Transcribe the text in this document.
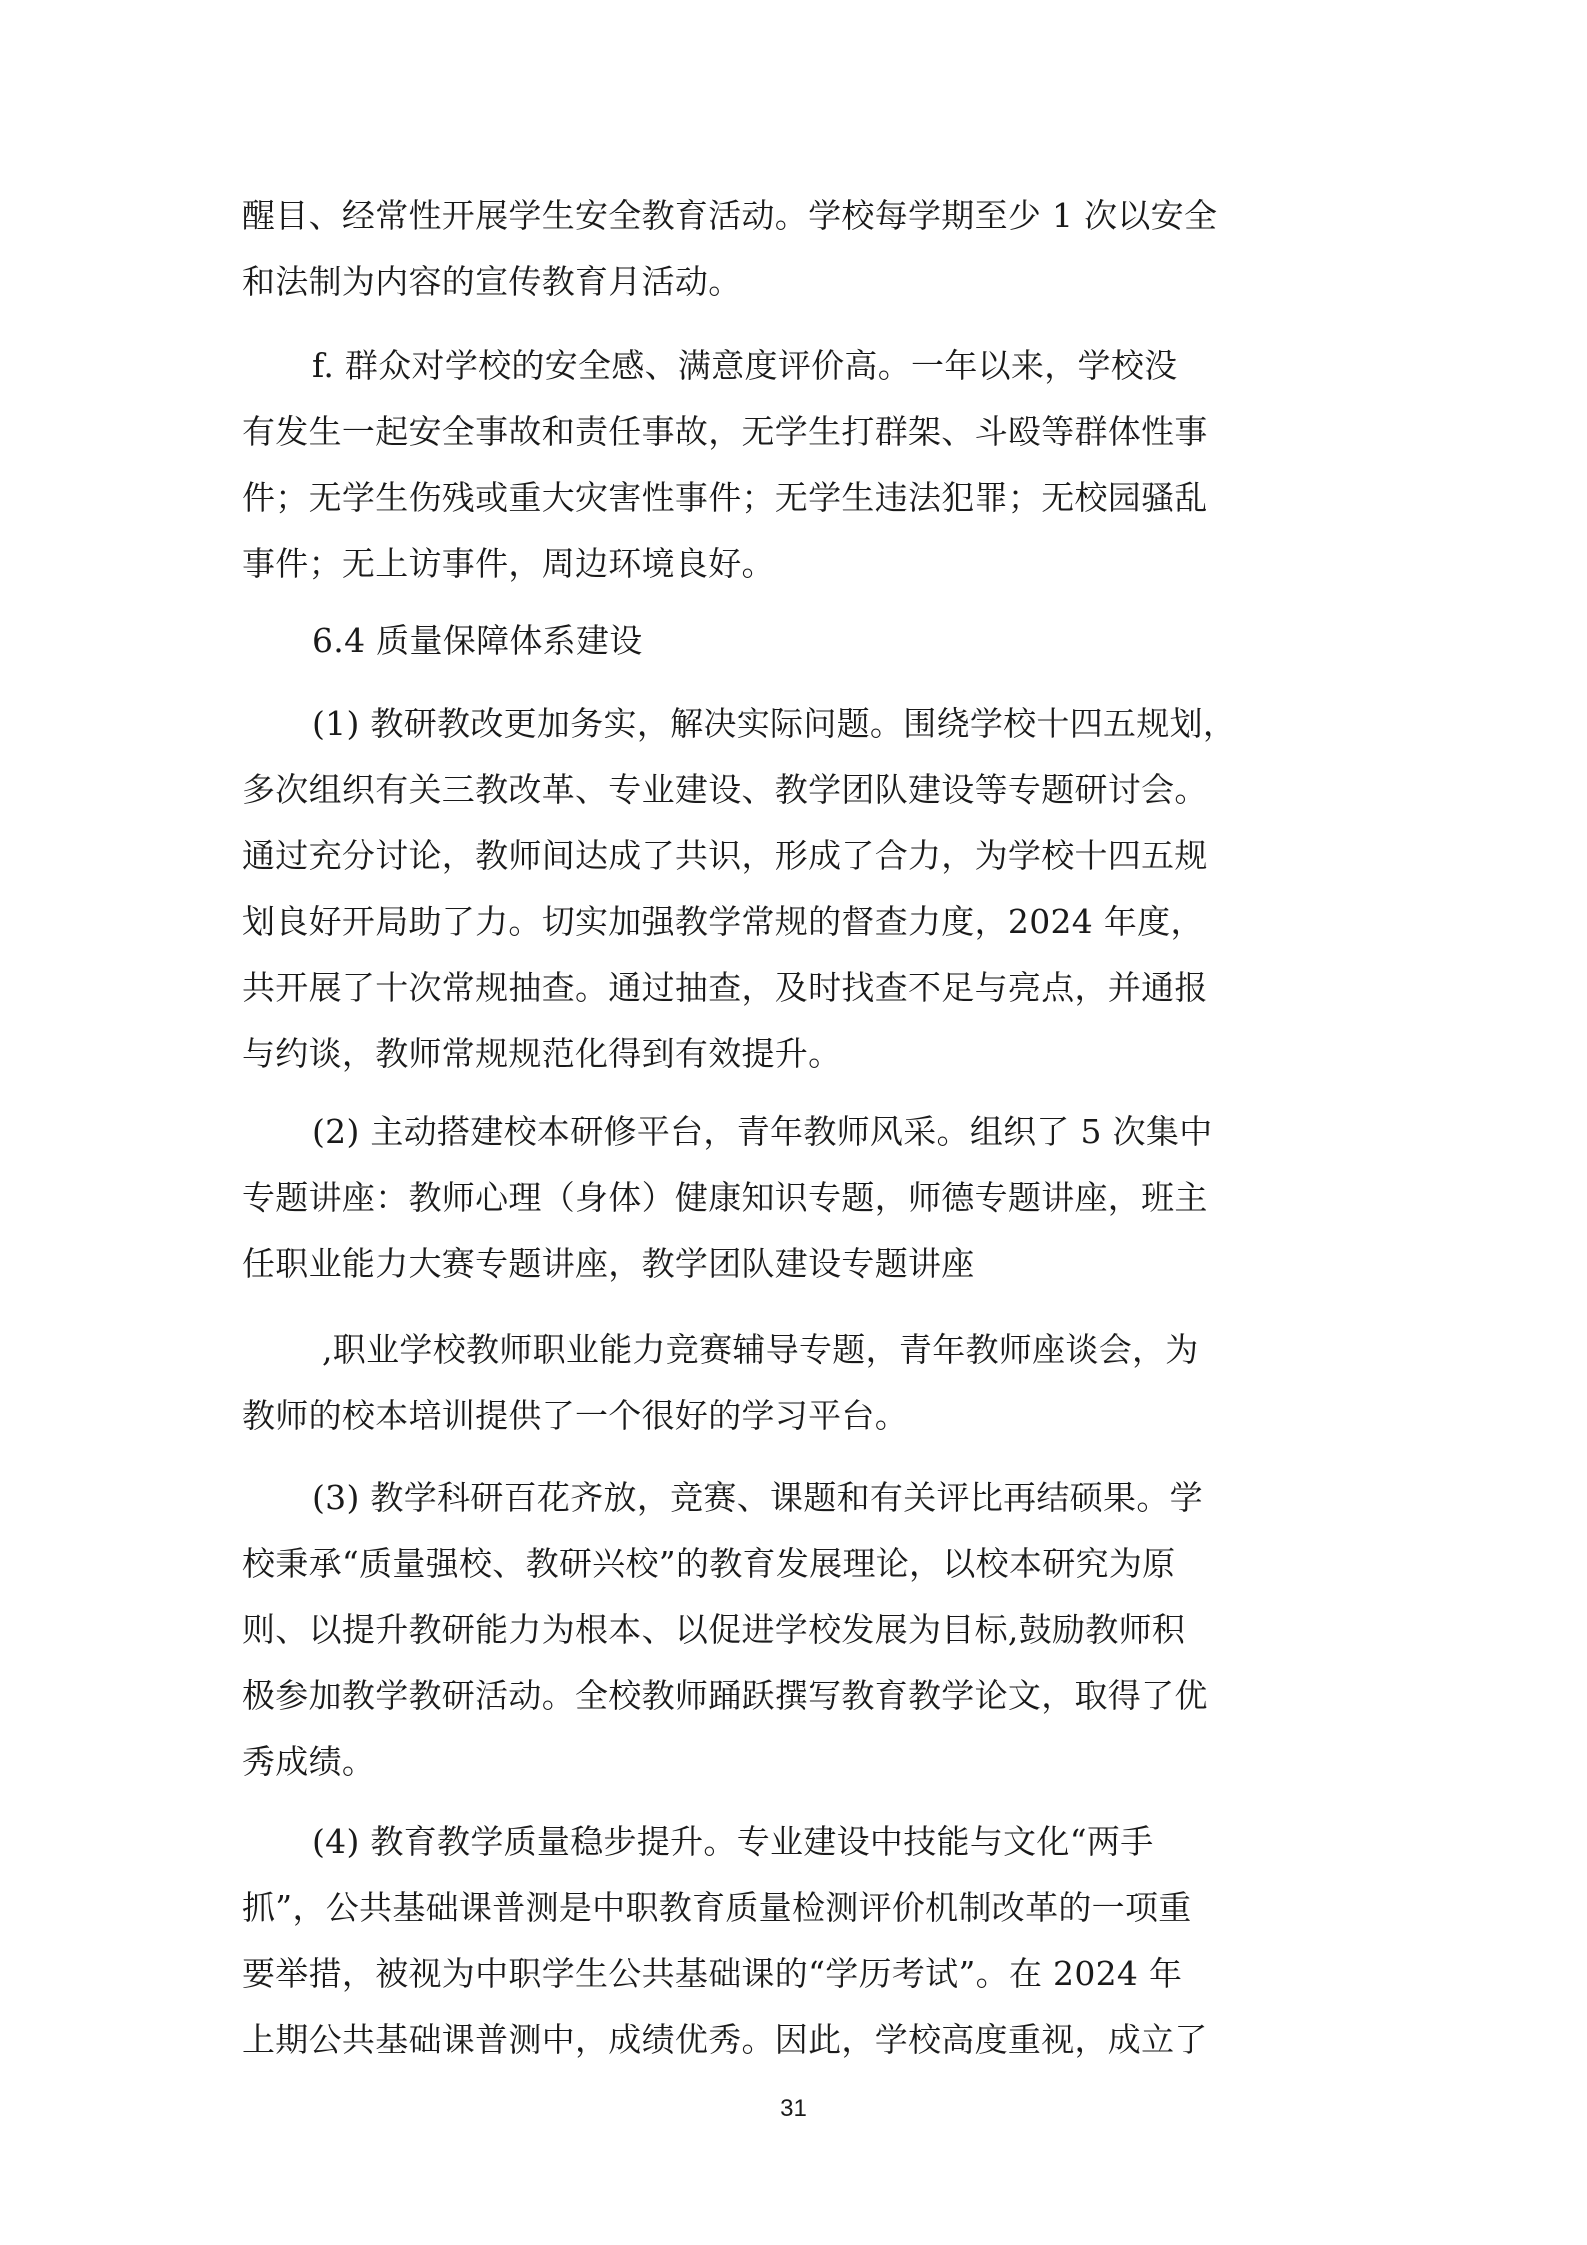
醒目、经常性开展学生安全教育活动。学校每学期至少 1 次以安全
和法制为内容的宣传教育月活动。
f. 群众对学校的安全感、满意度评价高。一年以来，学校没
有发生一起安全事故和责任事故，无学生打群架、斗殴等群体性事
件；无学生伤残或重大灾害性事件；无学生违法犯罪；无校园骚乱
事件；无上访事件，周边环境良好。
6.4 质量保障体系建设
(1) 教研教改更加务实，解决实际问题。围绕学校十四五规划，
多次组织有关三教改革、专业建设、教学团队建设等专题研讨会。
通过充分讨论，教师间达成了共识，形成了合力，为学校十四五规
划良好开局助了力。切实加强教学常规的督查力度，2024 年度，
共开展了十次常规抽查。通过抽查，及时找查不足与亮点，并通报
与约谈，教师常规规范化得到有效提升。
(2) 主动搭建校本研修平台，青年教师风采。组织了 5 次集中
专题讲座：教师心理（身体）健康知识专题，师德专题讲座，班主
任职业能力大赛专题讲座，教学团队建设专题讲座
,职业学校教师职业能力竞赛辅导专题，青年教师座谈会，为
教师的校本培训提供了一个很好的学习平台。
(3) 教学科研百花齐放，竞赛、课题和有关评比再结硕果。学
校秉承“质量强校、教研兴校”的教育发展理论，以校本研究为原
则、以提升教研能力为根本、以促进学校发展为目标,鼓励教师积
极参加教学教研活动。全校教师踊跃撰写教育教学论文，取得了优
秀成绩。
(4) 教育教学质量稳步提升。专业建设中技能与文化“两手
抓”，公共基础课普测是中职教育质量检测评价机制改革的一项重
要举措，被视为中职学生公共基础课的“学历考试”。在 2024 年
上期公共基础课普测中，成绩优秀。因此，学校高度重视，成立了
31
